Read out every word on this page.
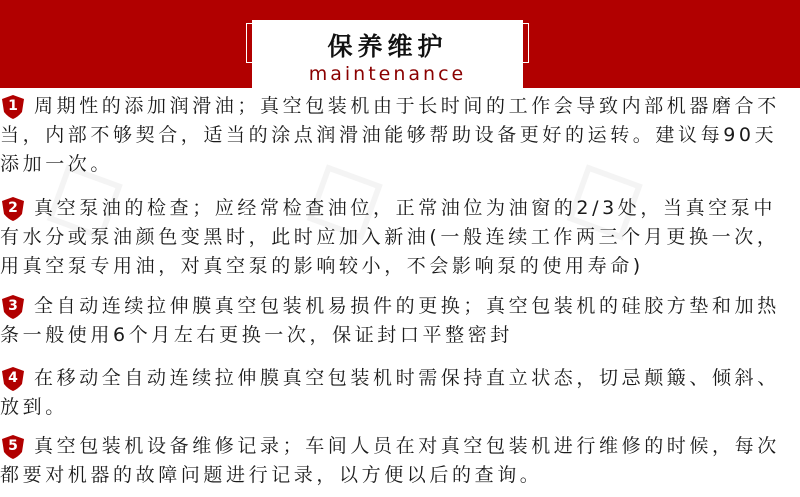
保养维护
maintenance
1 周期性的添加润滑油；真空包装机由于长时间的工作会导致内部机器磨合不当，内部不够契合，适当的涂点润滑油能够帮助设备更好的运转。建议每90天添加一次。

2 真空泵油的检查；应经常检查油位，正常油位为油窗的2/3处，当真空泵中有水分或泵油颜色变黑时，此时应加入新油(一般连续工作两三个月更换一次，用真空泵专用油，对真空泵的影响较小，不会影响泵的使用寿命)

3 全自动连续拉伸膜真空包装机易损件的更换；真空包装机的硅胶方垫和加热条一般使用6个月左右更换一次，保证封口平整密封

4 在移动全自动连续拉伸膜真空包装机时需保持直立状态，切忌颠簸、倾斜、放到。

5 真空包装机设备维修记录；车间人员在对真空包装机进行维修的时候，每次都要对机器的故障问题进行记录，以方便以后的查询。
